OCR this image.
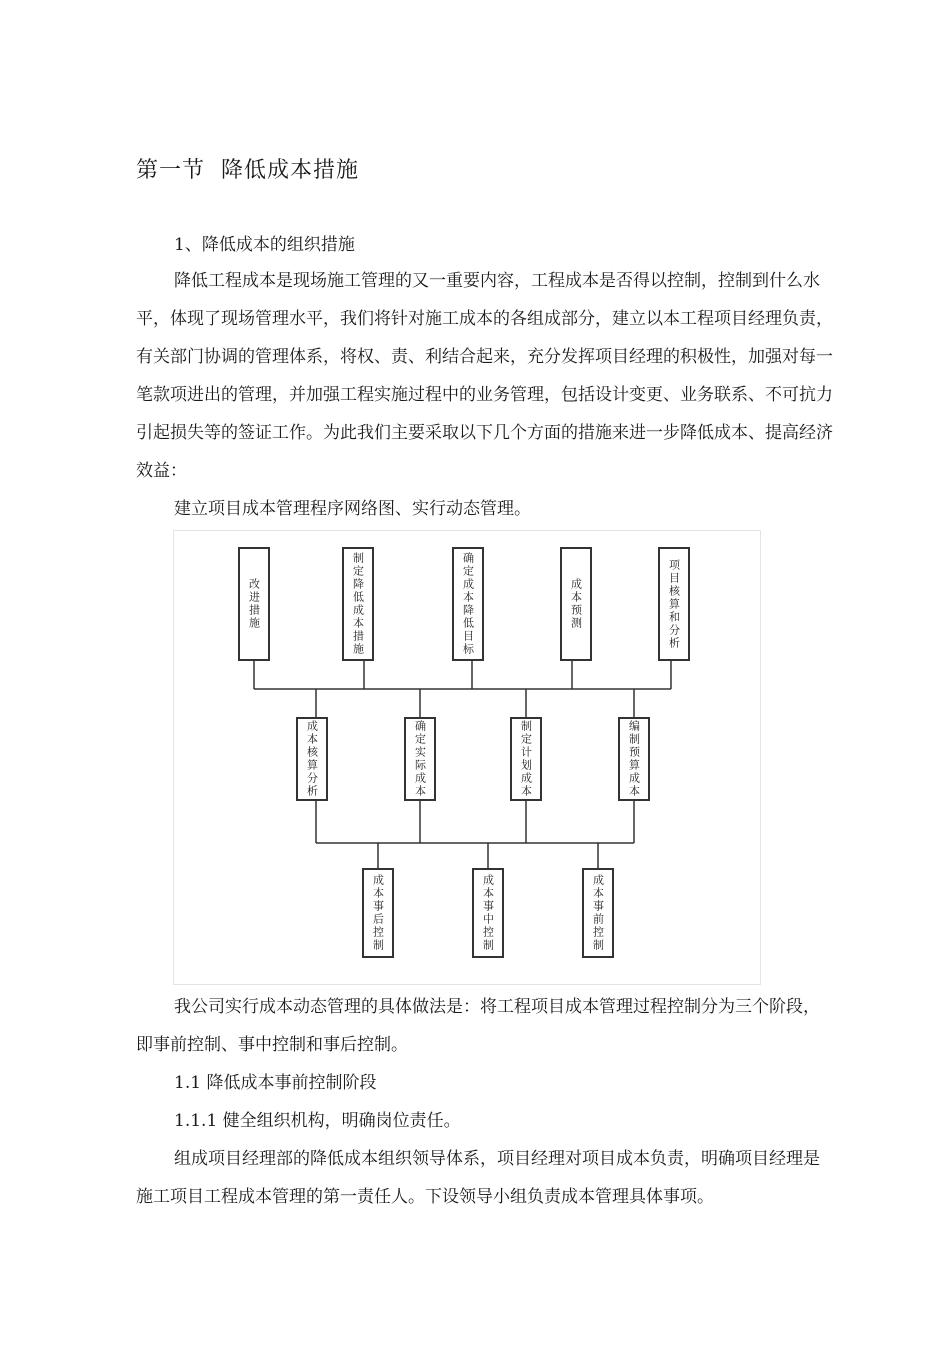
第一节  降低成本措施
1、降低成本的组织措施
降低工程成本是现场施工管理的又一重要内容，工程成本是否得以控制，控制到什么水平，体现了现场管理水平，我们将针对施工成本的各组成部分，建立以本工程项目经理负责，有关部门协调的管理体系，将权、责、利结合起来，充分发挥项目经理的积极性，加强对每一笔款项进出的管理，并加强工程实施过程中的业务管理，包括设计变更、业务联系、不可抗力引起损失等的签证工作。为此我们主要采取以下几个方面的措施来进一步降低成本、提高经济效益：
建立项目成本管理程序网络图、实行动态管理。
改进措施	制定降低成本措施	确定成本降低目标	成本预测	项目核算和分析
成本核算分析	确定实际成本	制定计划成本	编制预算成本
成本事后控制	成本事中控制	成本事前控制
我公司实行成本动态管理的具体做法是：将工程项目成本管理过程控制分为三个阶段，即事前控制、事中控制和事后控制。
1.1 降低成本事前控制阶段
1.1.1 健全组织机构，明确岗位责任。
组成项目经理部的降低成本组织领导体系，项目经理对项目成本负责，明确项目经理是施工项目工程成本管理的第一责任人。下设领导小组负责成本管理具体事项。
